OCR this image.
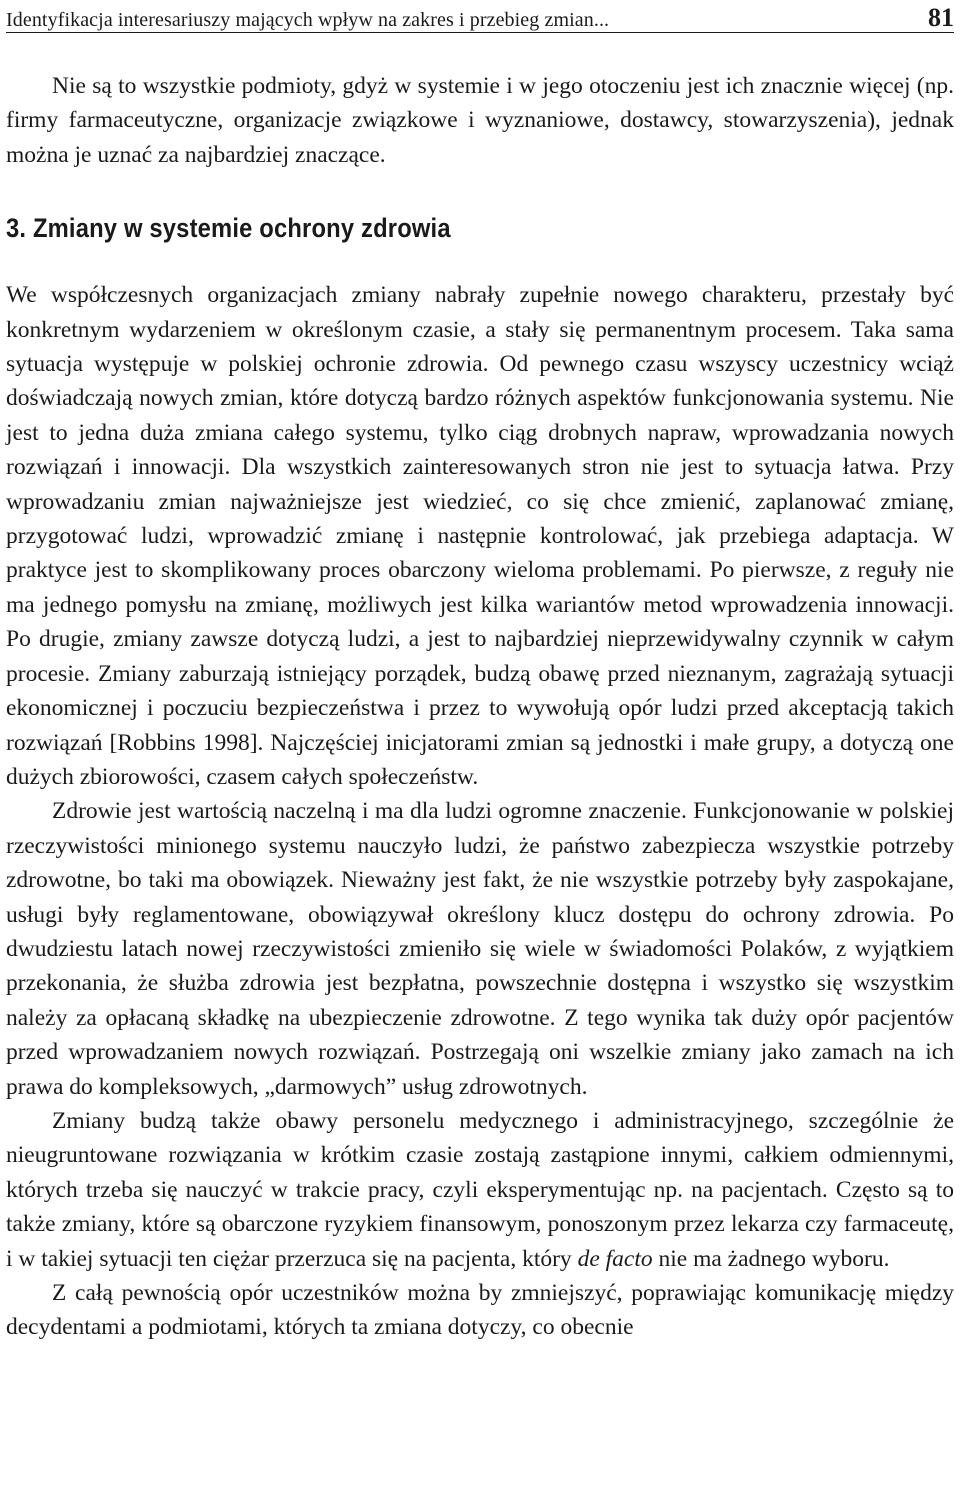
Identyfikacja interesariuszy mających wpływ na zakres i przebieg zmian...	81

Nie są to wszystkie podmioty, gdyż w systemie i w jego otoczeniu jest ich znacznie więcej (np. firmy farmaceutyczne, organizacje związkowe i wyznaniowe, dostawcy, stowarzyszenia), jednak można je uznać za najbardziej znaczące.

3. Zmiany w systemie ochrony zdrowia

We współczesnych organizacjach zmiany nabrały zupełnie nowego charakteru, przestały być konkretnym wydarzeniem w określonym czasie, a stały się permanentnym procesem. Taka sama sytuacja występuje w polskiej ochronie zdrowia. Od pewnego czasu wszyscy uczestnicy wciąż doświadczają nowych zmian, które dotyczą bardzo różnych aspektów funkcjonowania systemu. Nie jest to jedna duża zmiana całego systemu, tylko ciąg drobnych napraw, wprowadzania nowych rozwiązań i innowacji. Dla wszystkich zainteresowanych stron nie jest to sytuacja łatwa. Przy wprowadzaniu zmian najważniejsze jest wiedzieć, co się chce zmienić, zaplanować zmianę, przygotować ludzi, wprowadzić zmianę i następnie kontrolować, jak przebiega adaptacja. W praktyce jest to skomplikowany proces obarczony wieloma problemami. Po pierwsze, z reguły nie ma jednego pomysłu na zmianę, możliwych jest kilka wariantów metod wprowadzenia innowacji. Po drugie, zmiany zawsze dotyczą ludzi, a jest to najbardziej nieprzewidywalny czynnik w całym procesie. Zmiany zaburzają istniejący porządek, budzą obawę przed nieznanym, zagrażają sytuacji ekonomicznej i poczuciu bezpieczeństwa i przez to wywołują opór ludzi przed akceptacją takich rozwiązań [Robbins 1998]. Najczęściej inicjatorami zmian są jednostki i małe grupy, a dotyczą one dużych zbiorowości, czasem całych społeczeństw.

Zdrowie jest wartością naczelną i ma dla ludzi ogromne znaczenie. Funkcjonowanie w polskiej rzeczywistości minionego systemu nauczyło ludzi, że państwo zabezpiecza wszystkie potrzeby zdrowotne, bo taki ma obowiązek. Nieważny jest fakt, że nie wszystkie potrzeby były zaspokajane, usługi były reglamentowane, obowiązywał określony klucz dostępu do ochrony zdrowia. Po dwudziestu latach nowej rzeczywistości zmieniło się wiele w świadomości Polaków, z wyjątkiem przekonania, że służba zdrowia jest bezpłatna, powszechnie dostępna i wszystko się wszystkim należy za opłacaną składkę na ubezpieczenie zdrowotne. Z tego wynika tak duży opór pacjentów przed wprowadzaniem nowych rozwiązań. Postrzegają oni wszelkie zmiany jako zamach na ich prawa do kompleksowych, „darmowych” usług zdrowotnych.

Zmiany budzą także obawy personelu medycznego i administracyjnego, szczególnie że nieugruntowane rozwiązania w krótkim czasie zostają zastąpione innymi, całkiem odmiennymi, których trzeba się nauczyć w trakcie pracy, czyli eksperymentując np. na pacjentach. Często są to także zmiany, które są obarczone ryzykiem finansowym, ponoszonym przez lekarza czy farmaceutę, i w takiej sytuacji ten ciężar przerzuca się na pacjenta, który de facto nie ma żadnego wyboru.

Z całą pewnością opór uczestników można by zmniejszyć, poprawiając komunikację między decydentami a podmiotami, których ta zmiana dotyczy, co obecnie
